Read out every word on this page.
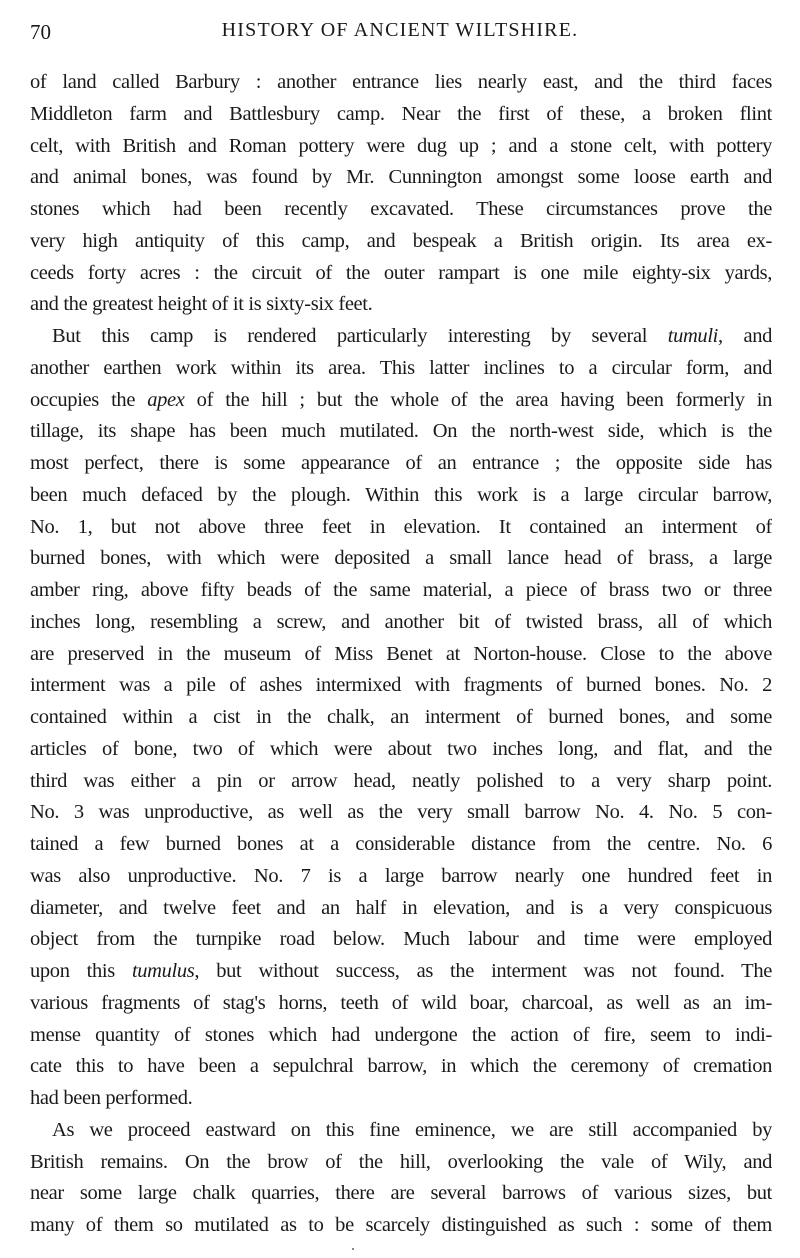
70	HISTORY OF ANCIENT WILTSHIRE.
of land called Barbury : another entrance lies nearly east, and the third faces
Middleton farm and Battlesbury camp. Near the first of these, a broken flint
celt, with British and Roman pottery were dug up ; and a stone celt, with pottery
and animal bones, was found by Mr. Cunnington amongst some loose earth and
stones which had been recently excavated. These circumstances prove the
very high antiquity of this camp, and bespeak a British origin. Its area ex-
ceeds forty acres : the circuit of the outer rampart is one mile eighty-six yards,
and the greatest height of it is sixty-six feet.
But this camp is rendered particularly interesting by several tumuli, and
another earthen work within its area. This latter inclines to a circular form, and
occupies the apex of the hill ; but the whole of the area having been formerly in
tillage, its shape has been much mutilated. On the north-west side, which is the
most perfect, there is some appearance of an entrance ; the opposite side has
been much defaced by the plough. Within this work is a large circular barrow,
No. 1, but not above three feet in elevation. It contained an interment of
burned bones, with which were deposited a small lance head of brass, a large
amber ring, above fifty beads of the same material, a piece of brass two or three
inches long, resembling a screw, and another bit of twisted brass, all of which
are preserved in the museum of Miss Benet at Norton-house. Close to the above
interment was a pile of ashes intermixed with fragments of burned bones. No. 2
contained within a cist in the chalk, an interment of burned bones, and some
articles of bone, two of which were about two inches long, and flat, and the
third was either a pin or arrow head, neatly polished to a very sharp point.
No. 3 was unproductive, as well as the very small barrow No. 4. No. 5 con-
tained a few burned bones at a considerable distance from the centre. No. 6
was also unproductive. No. 7 is a large barrow nearly one hundred feet in
diameter, and twelve feet and an half in elevation, and is a very conspicuous
object from the turnpike road below. Much labour and time were employed
upon this tumulus, but without success, as the interment was not found. The
various fragments of stag's horns, teeth of wild boar, charcoal, as well as an im-
mense quantity of stones which had undergone the action of fire, seem to indi-
cate this to have been a sepulchral barrow, in which the ceremony of cremation
had been performed.
As we proceed eastward on this fine eminence, we are still accompanied by
British remains. On the brow of the hill, overlooking the vale of Wily, and
near some large chalk quarries, there are several barrows of various sizes, but
many of them so mutilated as to be scarcely distinguished as such : some of them
